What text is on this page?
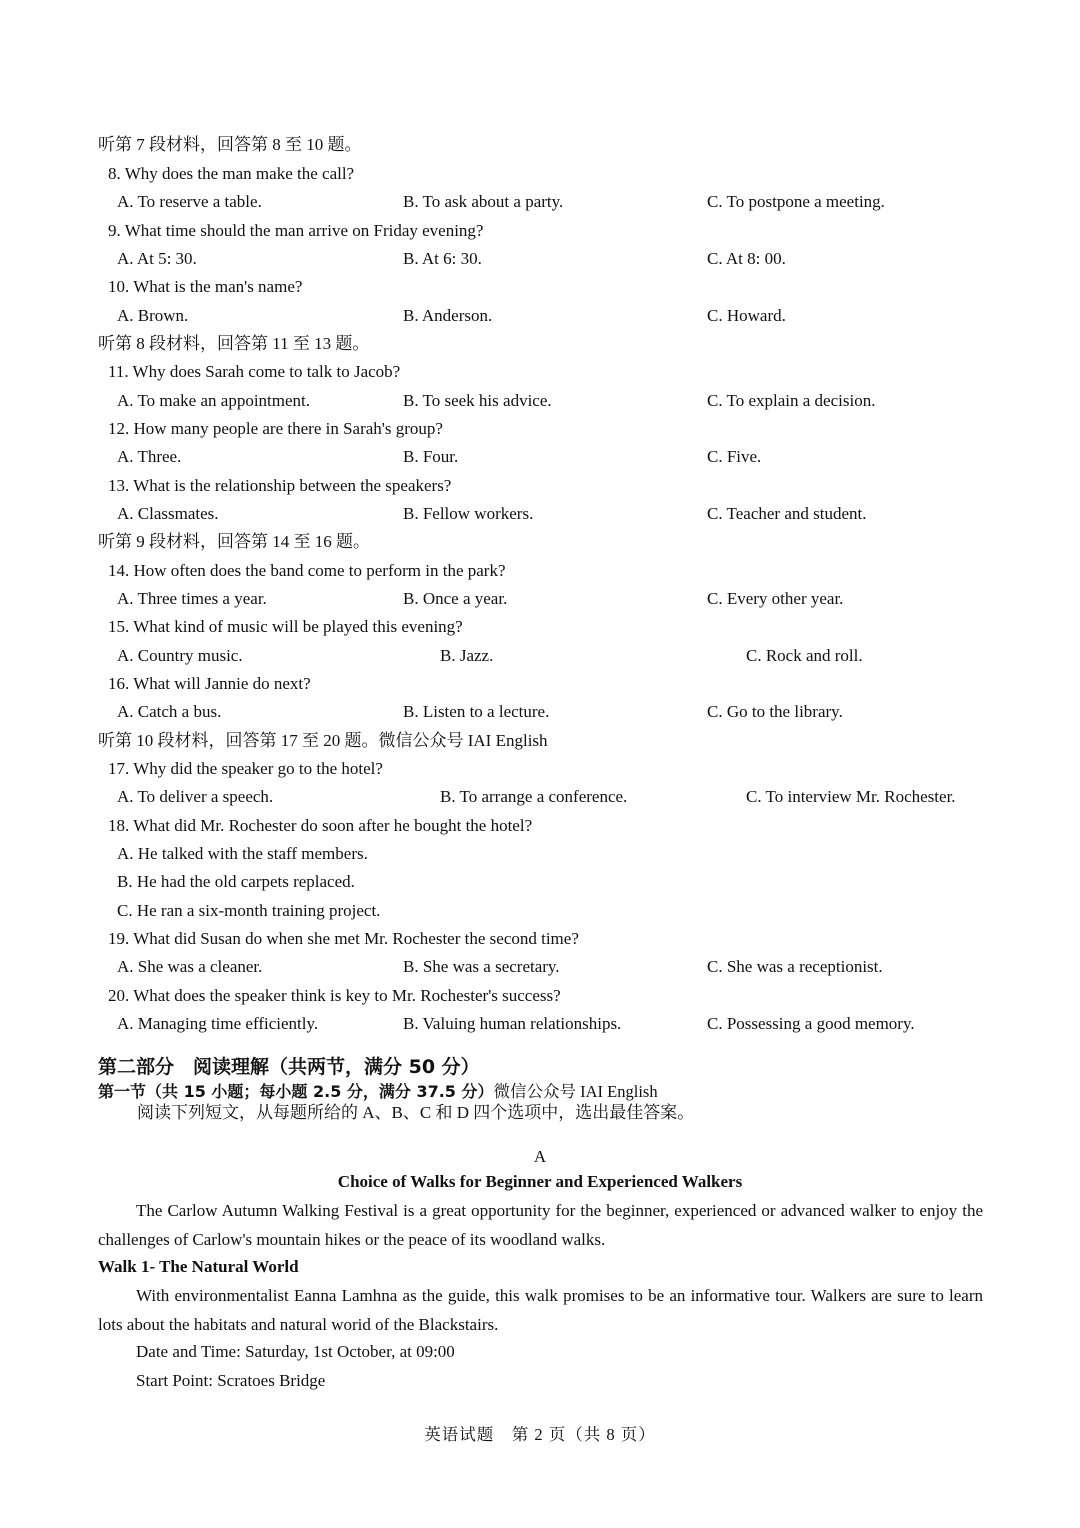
听第 7 段材料，回答第 8 至 10 题。
8. Why does the man make the call?
A. To reserve a table.	B. To ask about a party.	C. To postpone a meeting.
9. What time should the man arrive on Friday evening?
A. At 5: 30.	B. At 6: 30.	C. At 8: 00.
10. What is the man's name?
A. Brown.	B. Anderson.	C. Howard.
听第 8 段材料，回答第 11 至 13 题。
11. Why does Sarah come to talk to Jacob?
A. To make an appointment.	B. To seek his advice.	C. To explain a decision.
12. How many people are there in Sarah's group?
A. Three.	B. Four.	C. Five.
13. What is the relationship between the speakers?
A. Classmates.	B. Fellow workers.	C. Teacher and student.
听第 9 段材料，回答第 14 至 16 题。
14. How often does the band come to perform in the park?
A. Three times a year.	B. Once a year.	C. Every other year.
15. What kind of music will be played this evening?
A. Country music.	B. Jazz.	C. Rock and roll.
16. What will Jannie do next?
A. Catch a bus.	B. Listen to a lecture.	C. Go to the library.
听第 10 段材料，回答第 17 至 20 题。微信公众号 IAI English
17. Why did the speaker go to the hotel?
A. To deliver a speech.	B. To arrange a conference.	C. To interview Mr. Rochester.
18. What did Mr. Rochester do soon after he bought the hotel?
A. He talked with the staff members.
B. He had the old carpets replaced.
C. He ran a six-month training project.
19. What did Susan do when she met Mr. Rochester the second time?
A. She was a cleaner.	B. She was a secretary.	C. She was a receptionist.
20. What does the speaker think is key to Mr. Rochester's success?
A. Managing time efficiently.	B. Valuing human relationships.	C. Possessing a good memory.
第二部分　阅读理解（共两节，满分 50 分）
第一节（共 15 小题；每小题 2.5 分，满分 37.5 分）微信公众号 IAI English
阅读下列短文，从每题所给的 A、B、C 和 D 四个选项中，选出最佳答案。
A
Choice of Walks for Beginner and Experienced Walkers
The Carlow Autumn Walking Festival is a great opportunity for the beginner, experienced or advanced walker to enjoy the challenges of Carlow's mountain hikes or the peace of its woodland walks.
Walk 1- The Natural World
With environmentalist Eanna Lamhna as the guide, this walk promises to be an informative tour. Walkers are sure to learn lots about the habitats and natural worid of the Blackstairs.
Date and Time: Saturday, 1st October, at 09:00
Start Point: Scratoes Bridge
英语试题　第 2 页（共 8 页）
